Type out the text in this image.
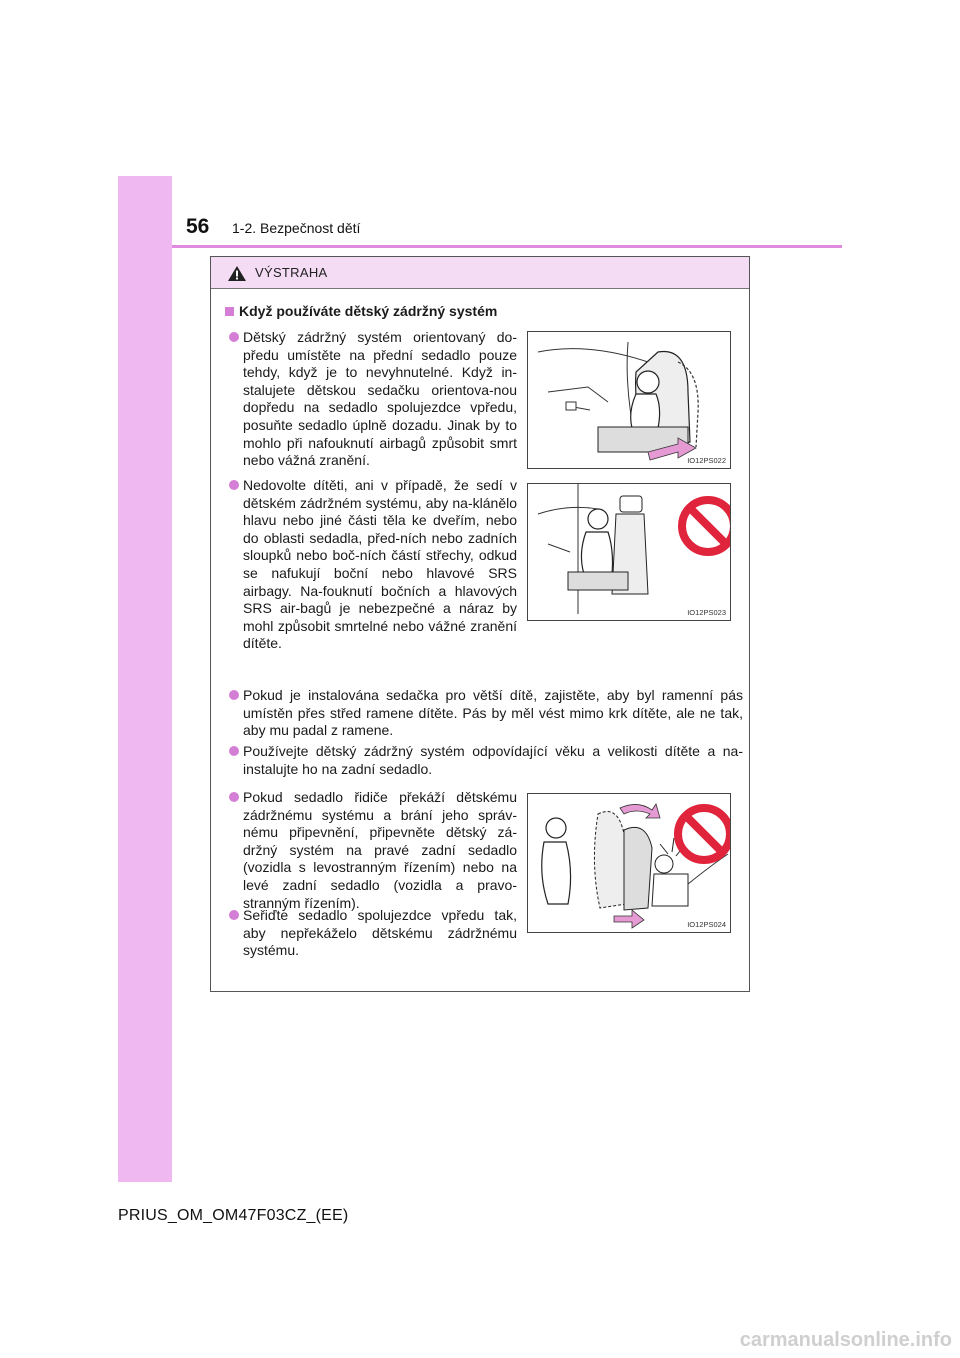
56 1-2. Bezpečnost dětí
VÝSTRAHA
Když používáte dětský zádržný systém
Dětský zádržný systém orientovaný do-předu umístěte na přední sedadlo pouze tehdy, když je to nevyhnutelné. Když in-stalujete dětskou sedačku orientova-nou dopředu na sedadlo spolujezdce vpředu, posuňte sedadlo úplně dozadu. Jinak by to mohlo při nafouknutí airbagů způsobit smrt nebo vážná zranění.	IO12PS022
Nedovolte dítěti, ani v případě, že sedí v dětském zádržném systému, aby na-klánělo hlavu nebo jiné části těla ke dveřím, nebo do oblasti sedadla, před-ních nebo zadních sloupků nebo boč-ních částí střechy, odkud se nafukují boční nebo hlavové SRS airbagy. Na-fouknutí bočních a hlavových SRS air-bagů je nebezpečné a náraz by mohl způsobit smrtelné nebo vážné zranění dítěte.
IO12PS023
Pokud je instalována sedačka pro větší dítě, zajistěte, aby byl ramenní pás umístěn přes střed ramene dítěte. Pás by měl vést mimo krk dítěte, ale ne tak, aby mu padal z ramene.
Používejte dětský zádržný systém odpovídající věku a velikosti dítěte a na-instalujte ho na zadní sedadlo.
Pokud sedadlo řidiče překáží dětskému zádržnému systému a brání jeho správ-nému připevnění, připevněte dětský zá-držný systém na pravé zadní sedadlo (vozidla s levostranným řízením) nebo na levé zadní sedadlo (vozidla a pravo-stranným řízením).
Seřiďte sedadlo spolujezdce vpředu tak, aby nepřekáželo dětskému zádržnému systému.
IO12PS024
PRIUS_OM_OM47F03CZ_(EE)
carmanualsonline.info
